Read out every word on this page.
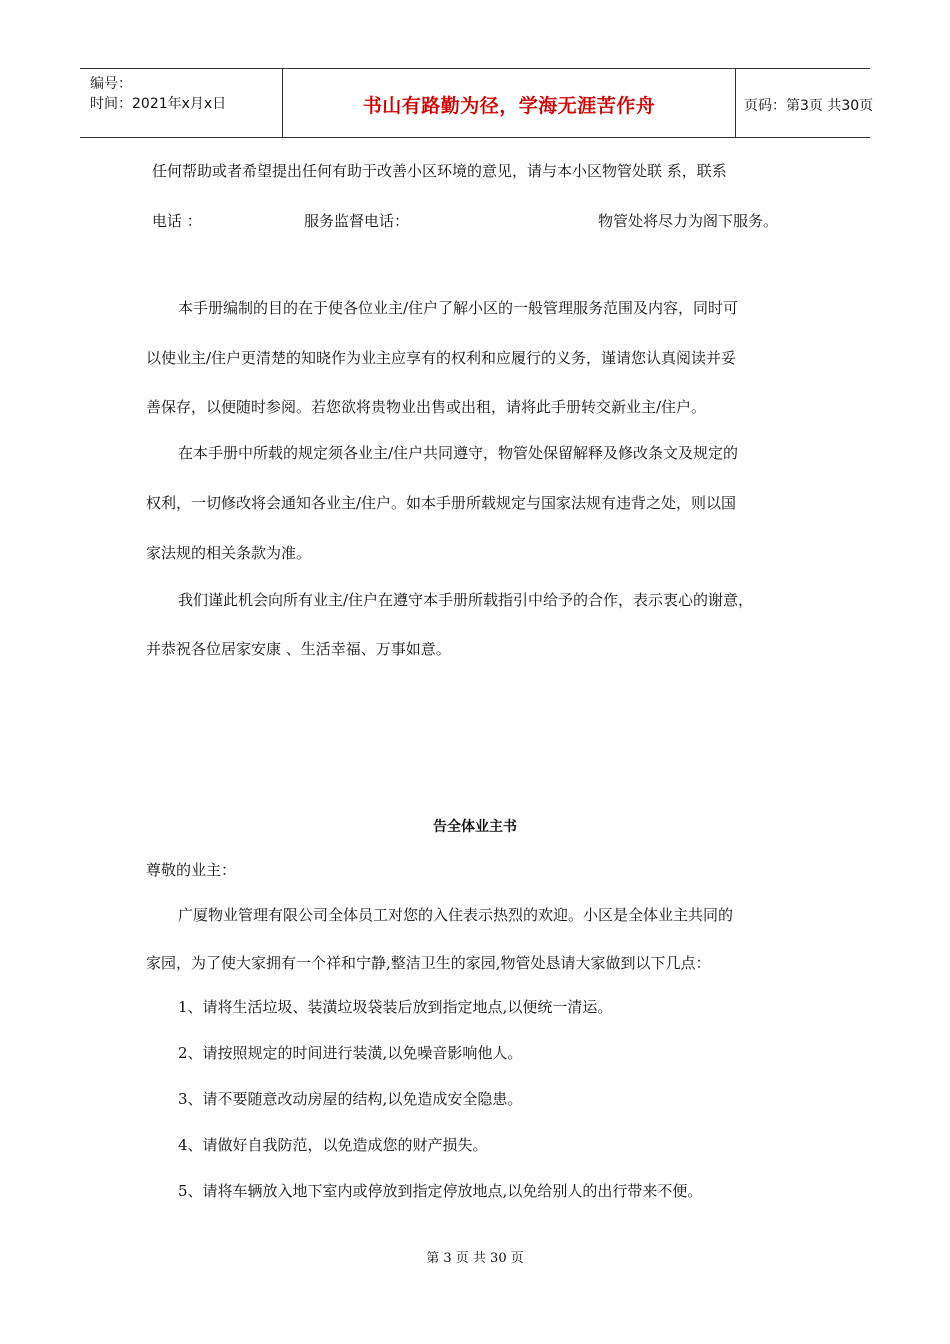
编号：
时间：2021年x月x日	书山有路勤为径，学海无涯苦作舟	页码：第3页 共30页
任何帮助或者希望提出任何有助于改善小区环境的意见，请与本小区物管处联 系，联系
电话 ：	服务监督电话：	物管处将尽力为阁下服务。
本手册编制的目的在于使各位业主/住户了解小区的一般管理服务范围及内容，同时可
以使业主/住户更清楚的知晓作为业主应享有的权利和应履行的义务，谨请您认真阅读并妥
善保存，以便随时参阅。若您欲将贵物业出售或出租，请将此手册转交新业主/住户。
在本手册中所载的规定须各业主/住户共同遵守，物管处保留解释及修改条文及规定的
权利，一切修改将会通知各业主/住户。如本手册所载规定与国家法规有违背之处，则以国
家法规的相关条款为准。
我们谨此机会向所有业主/住户在遵守本手册所载指引中给予的合作，表示衷心的谢意，
并恭祝各位居家安康 、生活幸福、万事如意。
告全体业主书
尊敬的业主：
广厦物业管理有限公司全体员工对您的入住表示热烈的欢迎。小区是全体业主共同的
家园，为了使大家拥有一个祥和宁静,整洁卫生的家园,物管处恳请大家做到以下几点：
1、请将生活垃圾、装潢垃圾袋装后放到指定地点,以便统一清运。
2、请按照规定的时间进行装潢,以免噪音影响他人。
3、请不要随意改动房屋的结构,以免造成安全隐患。
4、请做好自我防范，以免造成您的财产损失。
5、请将车辆放入地下室内或停放到指定停放地点,以免给别人的出行带来不便。
第 3 页 共 30 页
